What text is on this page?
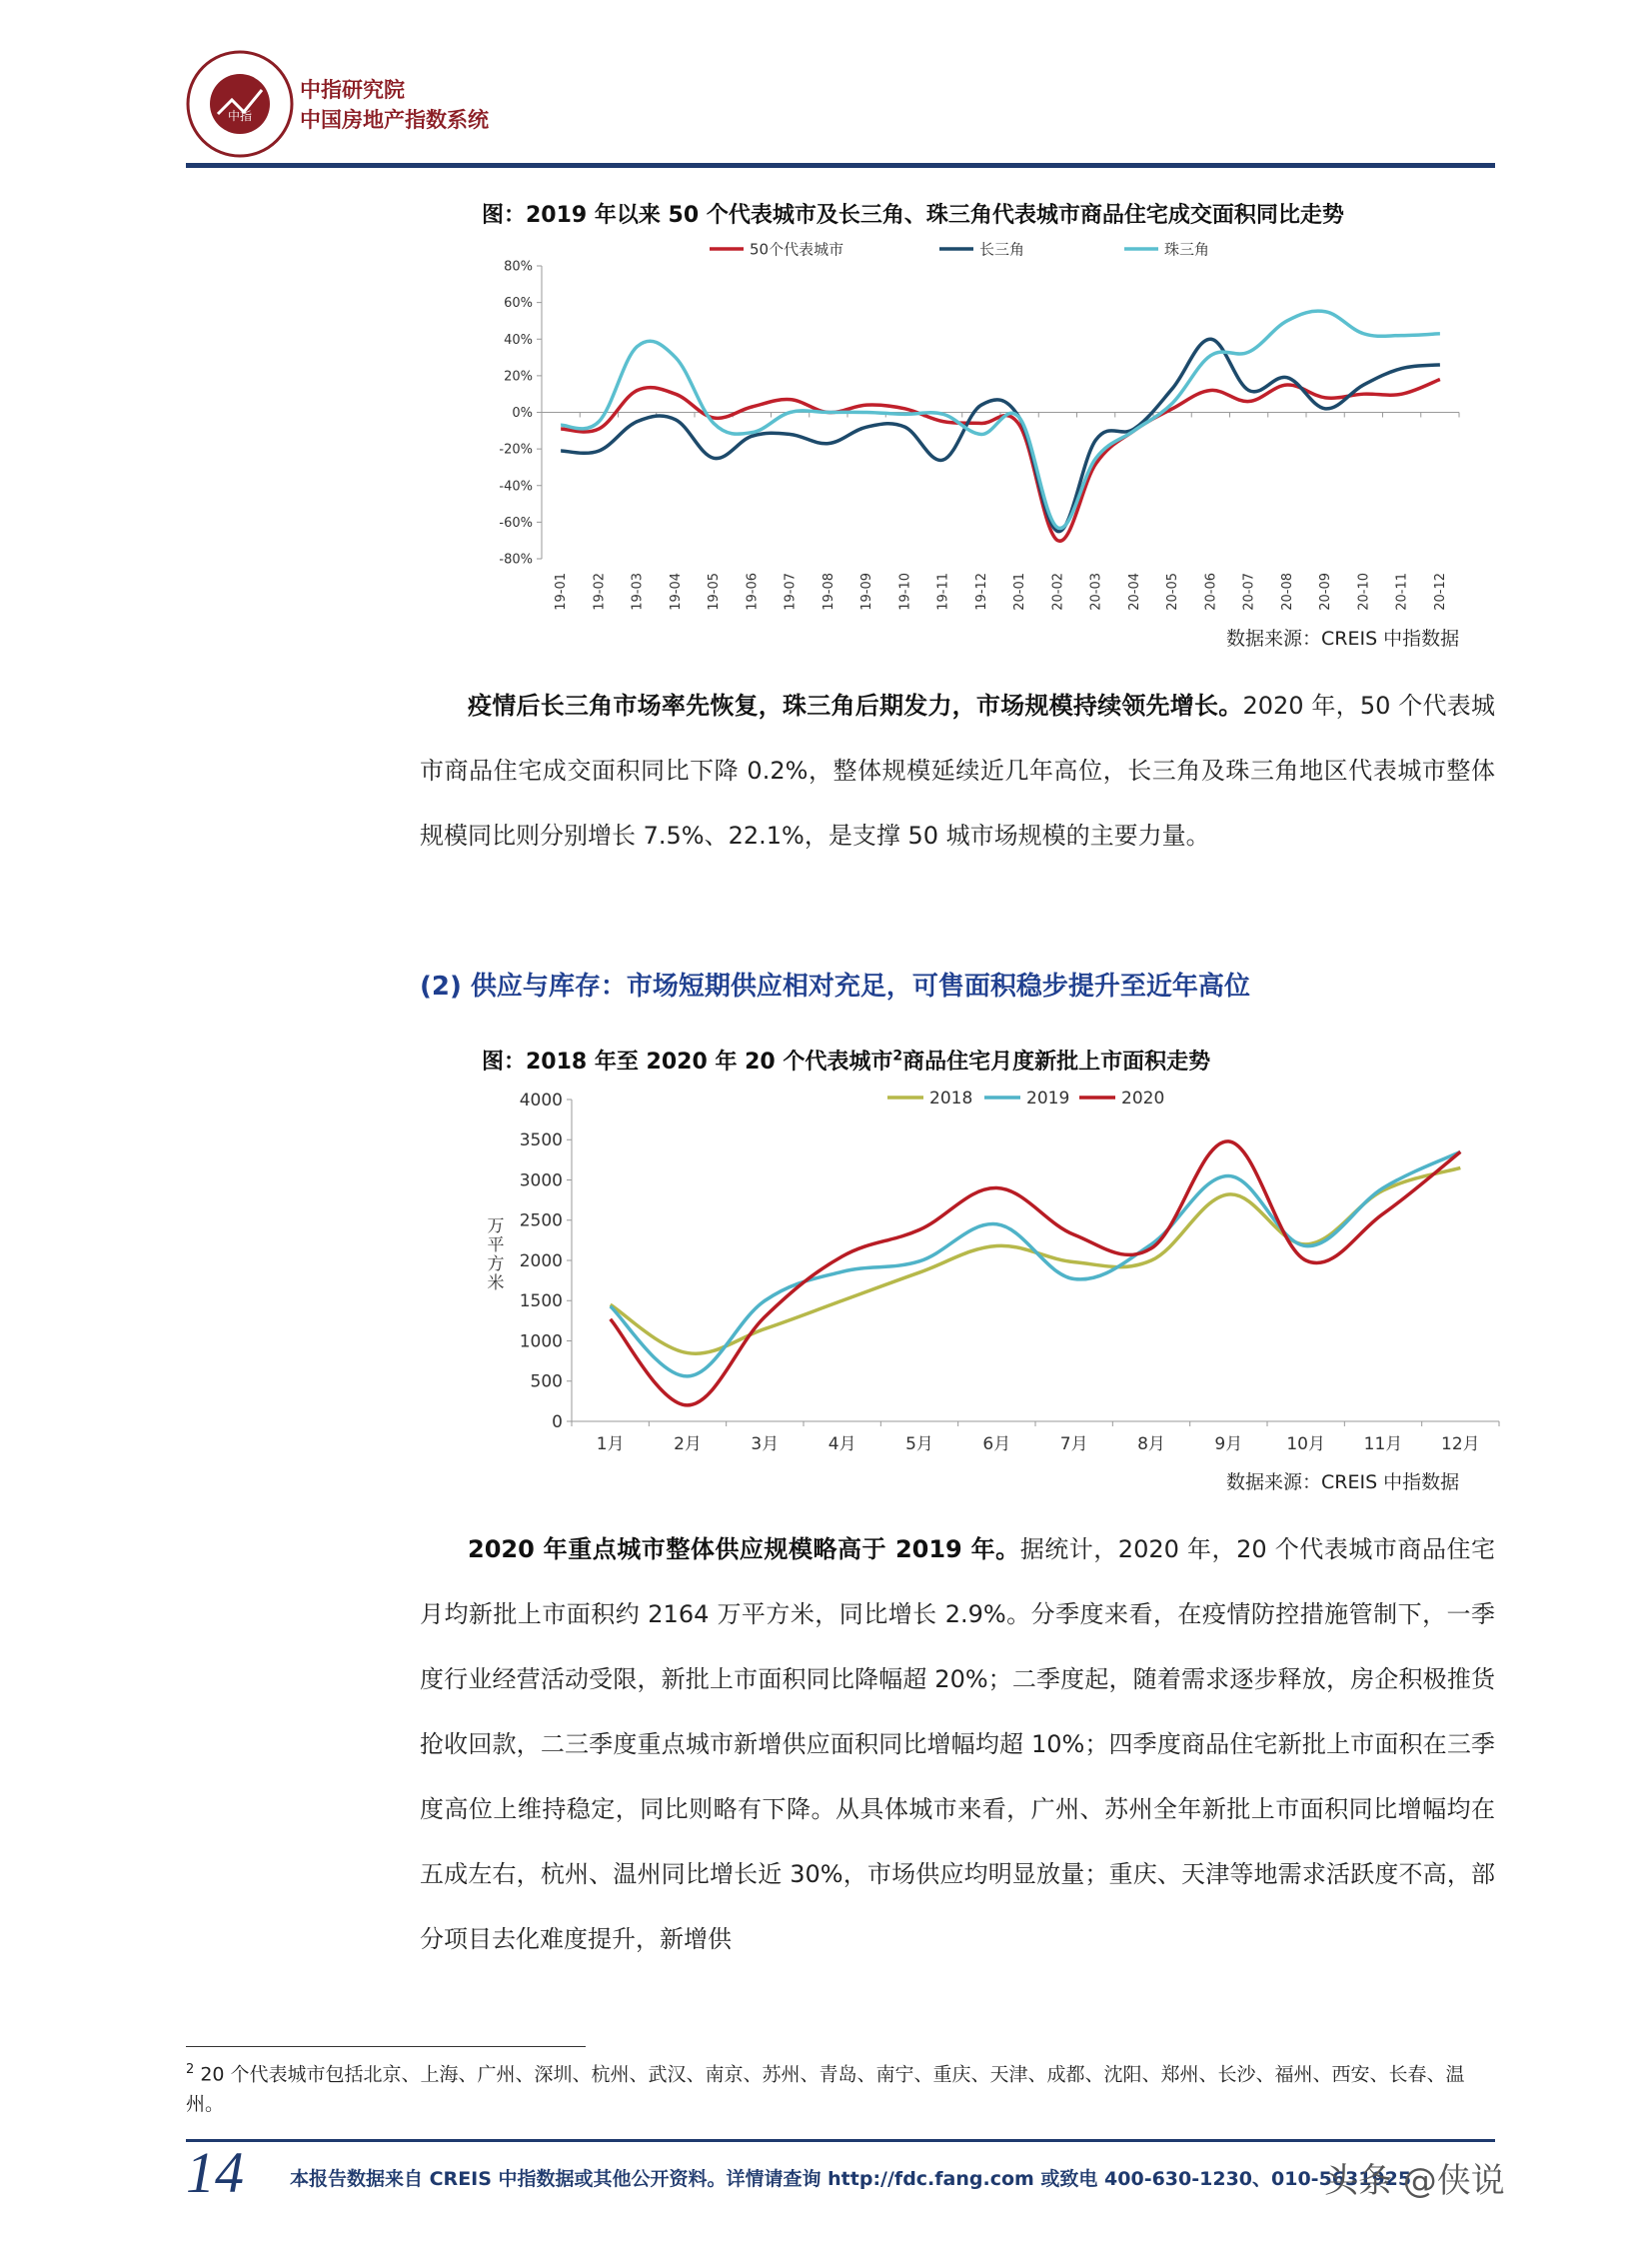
中指
中指研究院
中国房地产指数系统
图：2019 年以来 50 个代表城市及长三角、珠三角代表城市商品住宅成交面积同比走势
80%
60%
40%
20%
0%
-20%
-40%
-60%
-80%
19-01 19-02 19-03 19-04 19-05 19-06 19-07 19-08 19-09 19-10 19-11 19-12 20-01 20-02 20-03 20-04 20-05 20-06 20-07 20-08 20-09 20-10 20-11 20-12
50个代表城市	长三角	珠三角
数据来源：CREIS 中指数据

疫情后长三角市场率先恢复，珠三角后期发力，市场规模持续领先增长。2020 年，50 个代表城市商品住宅成交面积同比下降 0.2%，整体规模延续近几年高位，长三角及珠三角地区代表城市整体规模同比则分别增长 7.5%、22.1%，是支撑 50 城市场规模的主要力量。

(2) 供应与库存：市场短期供应相对充足，可售面积稳步提升至近年高位
图：2018 年至 2020 年 20 个代表城市$^2$商品住宅月度新批上市面积走势
4000
3500
3000
2500
2000
1500
1000
500
0
1月	2月	3月	4月	5月	6月	7月	8月	9月	10月 11月 12月
2018	2019	2020
万
平
方
米
数据来源：CREIS 中指数据

2020 年重点城市整体供应规模略高于 2019 年。据统计，2020 年，20 个代表城市商品住宅月均新批上市面积约 2164 万平方米，同比增长 2.9%。分季度来看，在疫情防控措施管制下，一季度行业经营活动受限，新批上市面积同比降幅超 20%；二季度起，随着需求逐步释放，房企积极推货抢收回款，二三季度重点城市新增供应面积同比增幅均超 10%；四季度商品住宅新批上市面积在三季度高位上维持稳定，同比则略有下降。从具体城市来看，广州、苏州全年新批上市面积同比增幅均在五成左右，杭州、温州同比增长近 30%，市场供应均明显放量；重庆、天津等地需求活跃度不高，部分项目去化难度提升，新增供

$^2$ 20 个代表城市包括北京、上海、广州、深圳、杭州、武汉、南京、苏州、青岛、南宁、重庆、天津、成都、沈阳、郑州、长沙、福州、西安、长春、温州。
14 本报告数据来自 CREIS 中指数据或其他公开资料。详情请查询 http://fdc.fang.com 或致电 400-630-1230、010-5631925
头条 @侠说
